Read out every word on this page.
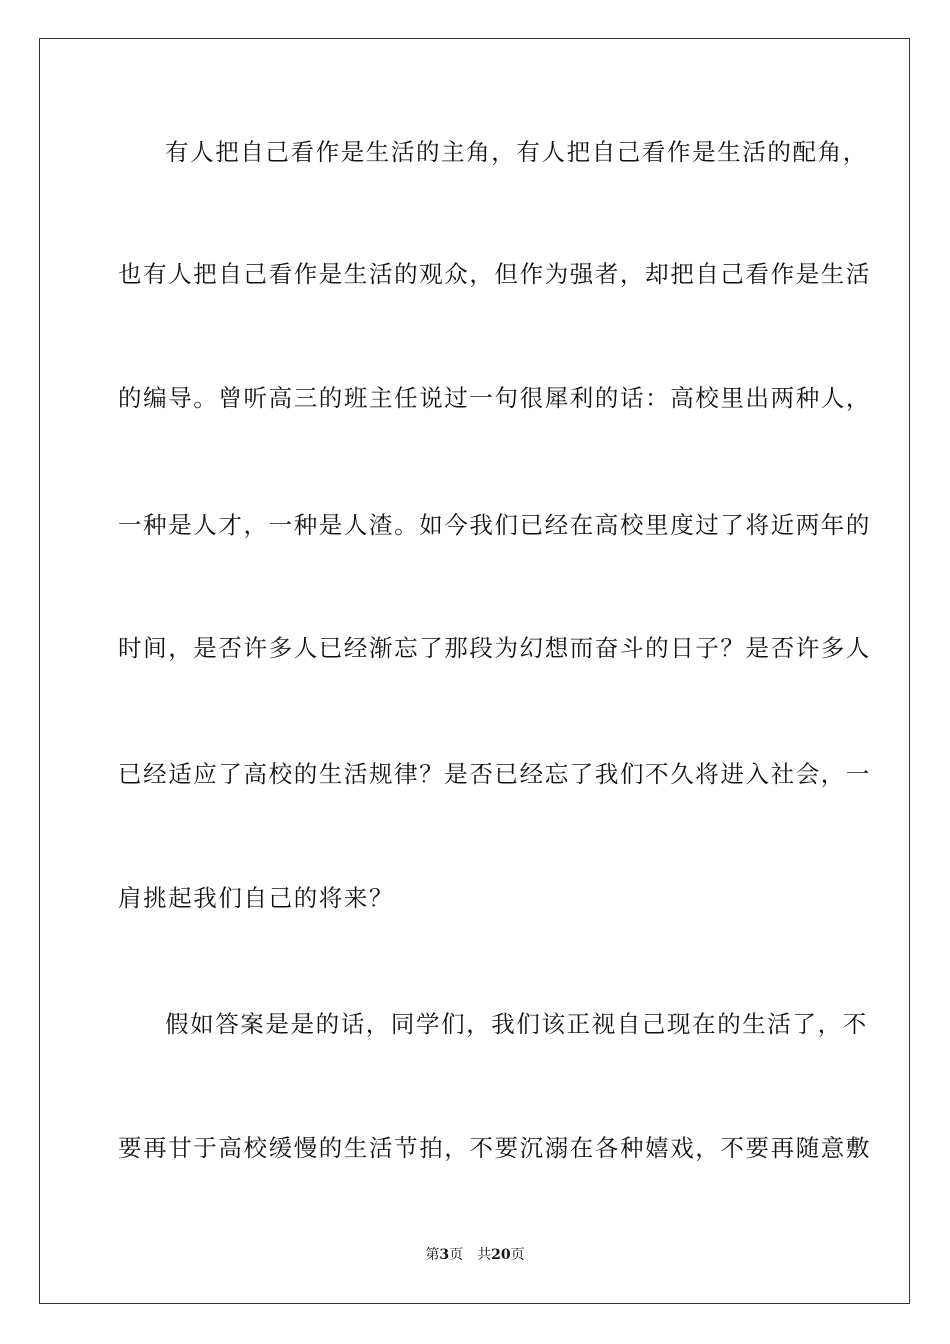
有人把自己看作是生活的主角，有人把自己看作是生活的配角，
也有人把自己看作是生活的观众，但作为强者，却把自己看作是生活
的编导。曾听高三的班主任说过一句很犀利的话：高校里出两种人，
一种是人才，一种是人渣。如今我们已经在高校里度过了将近两年的
时间，是否许多人已经渐忘了那段为幻想而奋斗的日子？是否许多人
已经适应了高校的生活规律？是否已经忘了我们不久将进入社会，一
肩挑起我们自己的将来？
假如答案是是的话，同学们，我们该正视自己现在的生活了，不
要再甘于高校缓慢的生活节拍，不要沉溺在各种嬉戏，不要再随意敷
第3页 共20页
